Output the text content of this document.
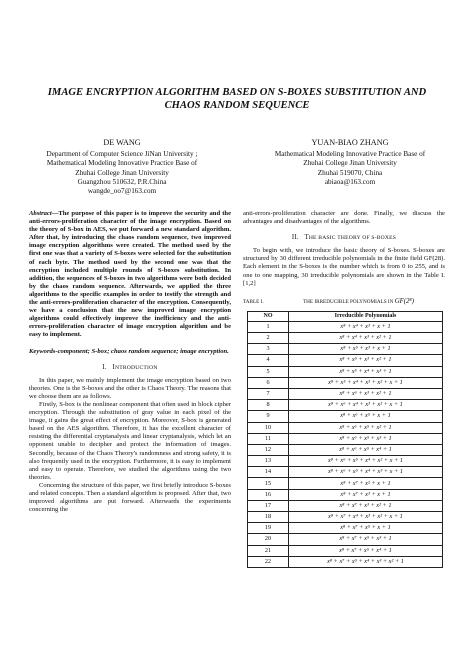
IMAGE ENCRYPTION ALGORITHM BASED ON S-BOXES SUBSTITUTION AND CHAOS RANDOM SEQUENCE
DE WANG
Department of Computer Science JiNan University ;
Mathematical Modeling Innovative Practice Base of
Zhuhai College Jinan University
Guangzhou 510632, P.R.China
wangde_oo7@163.com
YUAN-BIAO ZHANG
Mathematical Modeling Innovative Practice Base of
Zhuhai College Jinan University
Zhuhai 519070, China
abiaoa@163.com
Abstract—The purpose of this paper is to improve the security and the anti-errors-proliferation character of the image encryption. Based on the theory of S-box in AES, we put forward a new standard algorithm. After that, by introducing the chaos random sequence, two improved image encryption algorithms were created. The method used by the first one was that a variety of S-boxes were selected for the substitution of each byte. The method used by the second one was that the encryption included multiple rounds of S-boxes substitution. In addition, the sequences of S-boxes in two algorithms were both decided by the chaos random sequence. Afterwards, we applied the three algorithms to the specific examples in order to testify the strength and the anti-errors-proliferation character of the encryption. Consequently, we have a conclusion that the new improved image encryption algorithms could effectively improve the inefficiency and the anti-errors-proliferation character of image encryption algorithm and be easy to implement.
Keywords-component; S-box; chaos random sequence; image encryption.
I. INTRODUCTION

In this paper, we mainly implement the image encryption based on two theories. One is the S-boxes and the other is Chaos Theory. The reasons that we choose them are as follows.

Firstly, S-box is the nonlinear component that often used in block cipher encryption. Through the substitution of gray value in each pixel of the image, it gains the great effect of encryption. Moreover, S-box is generated based on the AES algorithm. Therefore, it has the excellent character of resisting the differential cryptanalysis and linear cryptanalysis, which let an opponent unable to decipher and protect the information of images. Secondly, because of the Chaos Theory's randomness and strong safety, it is also frequently used in the encryption. Furthermore, it is easy to implement and easy to operate. Therefore, we studied the algorithms using the two theories.

Concerning the structure of this paper, we first briefly introduce S-boxes and related concepts. Then a standard algorithm is proposed. After that, two improved algorithms are put forward. Afterwards the experiments concerning the

anti-errors-proliferation character are done. Finally, we discuss the advantages and disadvantages of the algorithms.

II. THE BASIC THEORY OF S-BOXES

To begin with, we introduce the basic theory of S-boxes. S-boxes are structured by 30 different irreducible polynomials in the finite field GF(28). Each element in the S-boxes is the number which is from 0 to 255, and is one to one mapping, 30 irreducible polynomials are shown in the Table I.[1,2]

TABLE I.	THE IRREDUCIBLE POLYNOMIALS IN GF(2⁸)
NO	Irreducible Polynomials
1	x⁸ + x⁴ + x³ + x + 1
2	x⁸ + x⁴ + x³ + x² + 1
3	x⁸ + x⁵ + x³ + x + 1
4	x⁸ + x⁵ + x³ + x² + 1
5	x⁸ + x⁵ + x⁴ + x³ + 1
6	x⁸ + x⁵ + x⁴ + x³ + x² + x + 1
7	x⁸ + x⁶ + x³ + x² + 1
8	x⁸ + x⁶ + x⁴ + x³ + x² + x + 1
9	x⁸ + x⁶ + x⁵ + x + 1
10	x⁸ + x⁶ + x⁵ + x² + 1
11	x⁸ + x⁶ + x⁵ + x³ + 1
12	x⁸ + x⁶ + x⁵ + x⁴ + 1
13	x⁸ + x⁶ + x⁵ + x⁴ + x² + x + 1
14	x⁸ + x⁶ + x⁵ + x⁴ + x³ + x + 1
15	x⁸ + x⁷ + x² + x + 1
16	x⁸ + x⁷ + x³ + x + 1
17	x⁸ + x⁷ + x³ + x² + 1
18	x⁸ + x⁷ + x⁴ + x³ + x² + x + 1
19	x⁸ + x⁷ + x⁵ + x + 1
20	x⁸ + x⁷ + x⁵ + x³ + 1
21	x⁸ + x⁷ + x⁵ + x⁴ + 1
22	x⁸ + x⁷ + x⁵ + x⁴ + x³ + x² + 1
